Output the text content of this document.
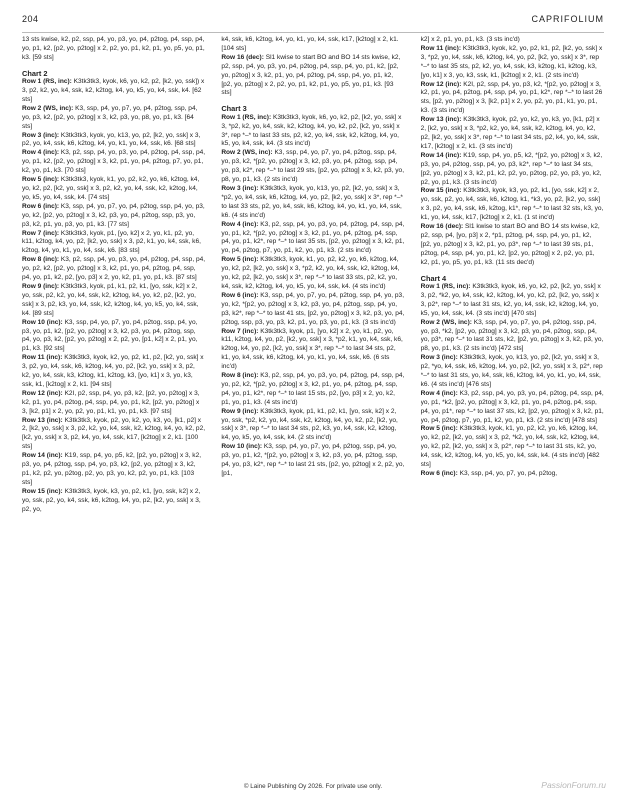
204	CAPRIFOLIUM

13 sts kwise, k2, p2, ssp, p4, yo, p3, yo, p4, p2tog, p4, ssp, p4, yo, p1, k2, [p2, yo, p2tog] x 2, p2, yo, p1, k2, p1, yo, p5, yo, p1, k3. [59 sts]

Chart 2

Row 1 (RS, inc): K3tk3tk3, kyok, k6, yo, k2, p2, [k2, yo, ssk]) x 3, p2, k2, yo, k4, ssk, k2, k2tog, k4, yo, k5, yo, k4, ssk, k4. [62 sts]

Row 2 (WS, inc): K3, ssp, p4, yo, p7, yo, p4, p2tog, ssp, p4, yo, p3, k2, [p2, yo, p2tog] x 3, k2, p3, yo, p8, yo, p1, k3. [64 sts]

Row 3 (inc): K3tk3tk3, kyok, yo, k13, yo, p2, [k2, yo, ssk] x 3, p2, yo, k4, ssk, k6, k2tog, k4, yo, k1, yo, k4, ssk, k6. [68 sts]

Row 4 (inc): K3, p2, ssp, p4, yo, p3, yo, p4, p2tog, p4, ssp, p4, yo, p1, k2, [p2, yo, p2tog] x 3, k2, p1, yo, p4, p2tog, p7, yo, p1, k2, yo, p1, k3. [70 sts]

Row 5 (inc): K3tk3tk3, kyok, k1, yo, p2, k2, yo, k6, k2tog, k4, yo, k2, p2, [k2, yo, ssk] x 3, p2, k2, yo, k4, ssk, k2, k2tog, k4, yo, k5, yo, k4, ssk, k4. [74 sts]

Row 6 (inc): K3, ssp, p4, yo, p7, yo, p4, p2tog, ssp, p4, yo, p3, yo, k2, [p2, yo, p2tog] x 3, k2, p3, yo, p4, p2tog, ssp, p3, yo, p3, k2, p1, yo, p3, yo, p1, k3. [77 sts]

Row 7 (inc): K3tk3tk3, kyok, p1, [yo, k2] x 2, yo, k1, p2, yo, k11, k2tog, k4, yo, p2, [k2, yo, ssk] x 3, p2, k1, yo, k4, ssk, k6, k2tog, k4, yo, k1, yo, k4, ssk, k6. [83 sts]

Row 8 (inc): K3, p2, ssp, p4, yo, p3, yo, p4, p2tog, p4, ssp, p4, yo, p2, k2, [p2, yo, p2tog] x 3, k2, p1, yo, p4, p2tog, p4, ssp, p4, yo, p1, k2, p2, [yo, p3] x 2, yo, k2, p1, yo, p1, k3. [87 sts]

Row 9 (inc): K3tk3tk3, kyok, p1, k1, p2, k1, [yo, ssk, k2] x 2, yo, ssk, p2, k2, yo, k4, ssk, k2, k2tog, k4, yo, k2, p2, [k2, yo, ssk] x 3, p2, k3, yo, k4, ssk, k2, k2tog, k4, yo, k5, yo, k4, ssk, k4. [89 sts]

Row 10 (inc): K3, ssp, p4, yo, p7, yo, p4, p2tog, ssp, p4, yo, p3, yo, p1, k2, [p2, yo, p2tog] x 3, k2, p3, yo, p4, p2tog, ssp, p4, yo, p3, k2, [p2, yo, p2tog] x 2, p2, yo, [p1, k2] x 2, p1, yo, p1, k3. [92 sts]

Row 11 (inc): K3tk3tk3, kyok, k2, yo, p2, k1, p2, [k2, yo, ssk] x 3, p2, yo, k4, ssk, k6, k2tog, k4, yo, p2, [k2, yo, ssk] x 3, p2, k2, yo, k4, ssk, k3, k2tog, k1, k2tog, k3, [yo, k1] x 3, yo, k3, ssk, k1, [k2tog] x 2, k1. [94 sts]

Row 12 (inc): K2I, p2, ssp, p4, yo, p3, k2, [p2, yo, p2tog] x 3, k2, p1, yo, p4, p2tog, p4, ssp, p4, yo, p1, k2, [p2, yo, p2tog] x 3, [k2, p1] x 2, yo, p2, yo, p1, k1, yo, p1, k3. [97 sts]

Row 13 (inc): K3tk3tk3, kyok, p2, yo, k2, yo, k3, yo, [k1, p2] x 2, [k2, yo, ssk] x 3, p2, k2, yo, k4, ssk, k2, k2tog, k4, yo, k2, p2, [k2, yo, ssk] x 3, p2, k4, yo, k4, ssk, k17, [k2tog] x 2, k1. [100 sts]

Row 14 (inc): K19, ssp, p4, yo, p5, k2, [p2, yo, p2tog] x 3, k2, p3, yo, p4, p2tog, ssp, p4, yo, p3, k2, [p2, yo, p2tog] x 3, k2, p1, k2, p2, yo, p2tog, p2, yo, p3, yo, k2, p2, yo, p1, k3. [103 sts]

Row 15 (inc): K3tk3tk3, kyok, k3, yo, p2, k1, [yo, ssk, k2] x 2, yo, ssk, p2, yo, k4, ssk, k6, k2tog, k4, yo, p2, [k2, yo, ssk] x 3, p2, yo,

k4, ssk, k6, k2tog, k4, yo, k1, yo, k4, ssk, k17, [k2tog] x 2, k1. [104 sts]

Row 16 (dec): Sl1 kwise to start BO and BO 14 sts kwise, k2, p2, ssp, p4, yo, p3, yo, p4, p2tog, p4, ssp, p4, yo, p1, k2, [p2, yo, p2tog] x 3, k2, p1, yo, p4, p2tog, p4, ssp, p4, yo, p1, k2, [p2, yo, p2tog] x 2, p2, yo, p1, k2, p1, yo, p5, yo, p1, k3. [93 sts]

Chart 3

Row 1 (RS, inc): K3tk3tk3, kyok, k6, yo, k2, p2, [k2, yo, ssk] x 3, *p2, k2, yo, k4, ssk, k2, k2tog, k4, yo, k2, p2, [k2, yo, ssk] x 3*, rep *–* to last 33 sts, p2, k2, yo, k4, ssk, k2, k2tog, k4, yo, k5, yo, k4, ssk, k4. (3 sts inc'd)

Row 2 (WS, inc): K3, ssp, p4, yo, p7, yo, p4, p2tog, ssp, p4, yo, p3, k2, *[p2, yo, p2tog] x 3, k2, p3, yo, p4, p2tog, ssp, p4, yo, p3, k2*, rep *–* to last 29 sts, [p2, yo, p2tog] x 3, k2, p3, yo, p8, yo, p1, k3. (2 sts inc'd)

Row 3 (inc): K3tk3tk3, kyok, yo, k13, yo, p2, [k2, yo, ssk] x 3, *p2, yo, k4, ssk, k6, k2tog, k4, yo, p2, [k2, yo, ssk] x 3*, rep *–* to last 33 sts, p2, yo, k4, ssk, k6, k2tog, k4, yo, k1, yo, k4, ssk, k6. (4 sts inc'd)

Row 4 (inc): K3, p2, ssp, p4, yo, p3, yo, p4, p2tog, p4, ssp, p4, yo, p1, k2, *[p2, yo, p2tog] x 3, k2, p1, yo, p4, p2tog, p4, ssp, p4, yo, p1, k2*, rep *–* to last 35 sts, [p2, yo, p2tog] x 3, k2, p1, yo, p4, p2tog, p7, yo, p1, k2, yo, p1, k3. (2 sts inc'd)

Row 5 (inc): K3tk3tk3, kyok, k1, yo, p2, k2, yo, k6, k2tog, k4, yo, k2, p2, [k2, yo, ssk] x 3, *p2, k2, yo, k4, ssk, k2, k2tog, k4, yo, k2, p2, [k2, yo, ssk] x 3*, rep *–* to last 33 sts, p2, k2, yo, k4, ssk, k2, k2tog, k4, yo, k5, yo, k4, ssk, k4. (4 sts inc'd)

Row 6 (inc): K3, ssp, p4, yo, p7, yo, p4, p2tog, ssp, p4, yo, p3, yo, k2, *[p2, yo, p2tog] x 3, k2, p3, yo, p4, p2tog, ssp, p4, yo, p3, k2*, rep *–* to last 41 sts, [p2, yo, p2tog] x 3, k2, p3, yo, p4, p2tog, ssp, p3, yo, p3, k2, p1, yo, p3, yo, p1, k3. (3 sts inc'd)

Row 7 (inc): K3tk3tk3, kyok, p1, [yo, k2] x 2, yo, k1, p2, yo, k11, k2tog, k4, yo, p2, [k2, yo, ssk] x 3, *p2, k1, yo, k4, ssk, k6, k2tog, k4, yo, p2, [k2, yo, ssk] x 3*, rep *–* to last 34 sts, p2, k1, yo, k4, ssk, k6, k2tog, k4, yo, k1, yo, k4, ssk, k6. (6 sts inc'd)

Row 8 (inc): K3, p2, ssp, p4, yo, p3, yo, p4, p2tog, p4, ssp, p4, yo, p2, k2, *[p2, yo, p2tog] x 3, k2, p1, yo, p4, p2tog, p4, ssp, p4, yo, p1, k2*, rep *–* to last 15 sts, p2, [yo, p3] x 2, yo, k2, p1, yo, p1, k3. (4 sts inc'd)

Row 9 (inc): K3tk3tk3, kyok, p1, k1, p2, k1, [yo, ssk, k2] x 2, yo, ssk, *p2, k2, yo, k4, ssk, k2, k2tog, k4, yo, k2, p2, [k2, yo, ssk] x 3*, rep *–* to last 34 sts, p2, k3, yo, k4, ssk, k2, k2tog, k4, yo, k5, yo, k4, ssk, k4. (2 sts inc'd)

Row 10 (inc): K3, ssp, p4, yo, p7, yo, p4, p2tog, ssp, p4, yo, p3, yo, p1, k2, *[p2, yo, p2tog] x 3, k2, p3, yo, p4, p2tog, ssp, p4, yo, p3, k2*, rep *–* to last 21 sts, [p2, yo, p2tog] x 2, p2, yo, [p1,

k2] x 2, p1, yo, p1, k3. (3 sts inc'd)

Row 11 (inc): K3tk3tk3, kyok, k2, yo, p2, k1, p2, [k2, yo, ssk] x 3, *p2, yo, k4, ssk, k6, k2tog, k4, yo, p2, [k2, yo, ssk] x 3*, rep *–* to last 35 sts, p2, k2, yo, k4, ssk, k3, k2tog, k1, k2tog, k3, [yo, k1] x 3, yo, k3, ssk, k1, [k2tog] x 2, k1. (2 sts inc'd)

Row 12 (inc): K2I, p2, ssp, p4, yo, p3, k2, *[p2, yo, p2tog] x 3, k2, p1, yo, p4, p2tog, p4, ssp, p4, yo, p1, k2*, rep *–* to last 26 sts, [p2, yo, p2tog] x 3, [k2, p1] x 2, yo, p2, yo, p1, k1, yo, p1, k3. (3 sts inc'd)

Row 13 (inc): K3tk3tk3, kyok, p2, yo, k2, yo, k3, yo, [k1, p2] x 2, [k2, yo, ssk] x 3, *p2, k2, yo, k4, ssk, k2, k2tog, k4, yo, k2, p2, [k2, yo, ssk] x 3*, rep *–* to last 34 sts, p2, k4, yo, k4, ssk, k17, [k2tog] x 2, k1. (3 sts inc'd)

Row 14 (inc): K19, ssp, p4, yo, p5, k2, *[p2, yo, p2tog] x 3, k2, p3, yo, p4, p2tog, ssp, p4, yo, p3, k2*, rep *–* to last 34 sts, [p2, yo, p2tog] x 3, k2, p1, k2, p2, yo, p2tog, p2, yo, p3, yo, k2, p2, yo, p1, k3. (3 sts inc'd)

Row 15 (inc): K3tk3tk3, kyok, k3, yo, p2, k1, [yo, ssk, k2] x 2, yo, ssk, p2, yo, k4, ssk, k6, k2tog, k1, *k3, yo, p2, [k2, yo, ssk] x 3, p2, yo, k4, ssk, k6, k2tog, k1*, rep *–* to last 32 sts, k3, yo, k1, yo, k4, ssk, k17, [k2tog] x 2, k1. (1 st inc'd)

Row 16 (dec): Sl1 kwise to start BO and BO 14 sts kwise, k2, p2, ssp, p4, [yo, p3] x 2, *p1, p2tog, p4, ssp, p4, yo, p1, k2, [p2, yo, p2tog] x 3, k2, p1, yo, p3*, rep *–* to last 39 sts, p1, p2tog, p4, ssp, p4, yo, p1, k2, [p2, yo, p2tog] x 2, p2, yo, p1, k2, p1, yo, p5, yo, p1, k3. (11 sts dec'd)

Chart 4

Row 1 (RS, inc): K3tk3tk3, kyok, k6, yo, k2, p2, [k2, yo, ssk] x 3, p2, *k2, yo, k4, ssk, k2, k2tog, k4, yo, k2, p2, [k2, yo, ssk] x 3, p2*, rep *–* to last 31 sts, k2, yo, k4, ssk, k2, k2tog, k4, yo, k5, yo, k4, ssk, k4. (3 sts inc'd) [470 sts]

Row 2 (WS, inc): K3, ssp, p4, yo, p7, yo, p4, p2tog, ssp, p4, yo, p3, *k2, [p2, yo, p2tog] x 3, k2, p3, yo, p4, p2tog, ssp, p4, yo, p3*, rep *–* to last 31 sts, k2, [p2, yo, p2tog] x 3, k2, p3, yo, p8, yo, p1, k3. (2 sts inc'd) [472 sts]

Row 3 (inc): K3tk3tk3, kyok, yo, k13, yo, p2, [k2, yo, ssk] x 3, p2, *yo, k4, ssk, k6, k2tog, k4, yo, p2, [k2, yo, ssk] x 3, p2*, rep *–* to last 31 sts, yo, k4, ssk, k6, k2tog, k4, yo, k1, yo, k4, ssk, k6. (4 sts inc'd) [476 sts]

Row 4 (inc): K3, p2, ssp, p4, yo, p3, yo, p4, p2tog, p4, ssp, p4, yo, p1, *k2, [p2, yo, p2tog] x 3, k2, p1, yo, p4, p2tog, p4, ssp, p4, yo, p1*, rep *–* to last 37 sts, k2, [p2, yo, p2tog] x 3, k2, p1, yo, p4, p2tog, p7, yo, p1, k2, yo, p1, k3. (2 sts inc'd) [478 sts]

Row 5 (inc): K3tk3tk3, kyok, k1, yo, p2, k2, yo, k6, k2tog, k4, yo, k2, p2, [k2, yo, ssk] x 3, p2, *k2, yo, k4, ssk, k2, k2tog, k4, yo, k2, p2, [k2, yo, ssk] x 3, p2*, rep *–* to last 31 sts, k2, yo, k4, ssk, k2, k2tog, k4, yo, k5, yo, k4, ssk, k4. (4 sts inc'd) [482 sts]

Row 6 (inc): K3, ssp, p4, yo, p7, yo, p4, p2tog,

© Laine Publishing Oy 2026. For private use only.	PassionForum.ru
